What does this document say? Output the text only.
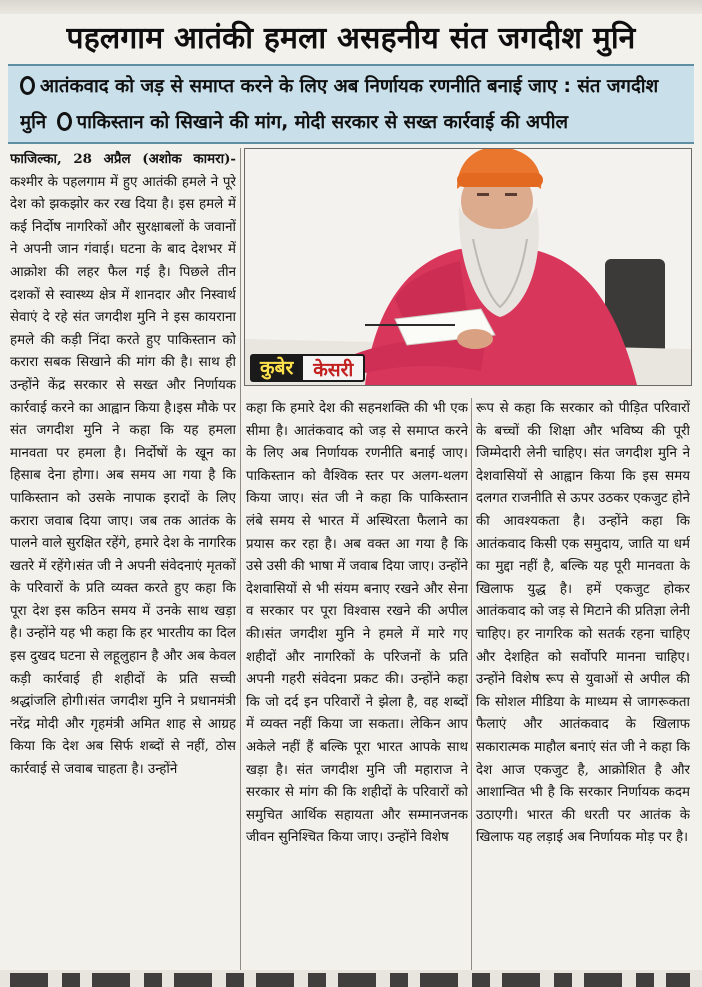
पहलगाम आतंकी हमला असहनीय संत जगदीश मुनि
आतंकवाद को जड़ से समाप्त करने के लिए अब निर्णायक रणनीति बनाई जाए : संत जगदीश
मुनि पाकिस्तान को सिखाने की मांग, मोदी सरकार से सख्त कार्रवाई की अपील

फाजिल्का, 28 अप्रैल (अशोक कामरा)- कश्मीर के पहलगाम में हुए आतंकी हमले ने पूरे देश को झकझोर कर रख दिया है। इस हमले में कई निर्दोष नागरिकों और सुरक्षाबलों के जवानों ने अपनी जान गंवाई। घटना के बाद देशभर में आक्रोश की लहर फैल गई है। पिछले तीन दशकों से स्वास्थ्य क्षेत्र में शानदार और निस्वार्थ सेवाएं दे रहे संत जगदीश मुनि ने इस कायराना हमले की कड़ी निंदा करते हुए पाकिस्तान को करारा सबक सिखाने की मांग की है। साथ ही उन्होंने केंद्र सरकार से सख्त और निर्णायक कार्रवाई करने का आह्वान किया है।इस मौके पर संत जगदीश मुनि ने कहा कि यह हमला मानवता पर हमला है। निर्दोषों के खून का हिसाब देना होगा। अब समय आ गया है कि पाकिस्तान को उसके नापाक इरादों के लिए करारा जवाब दिया जाए। जब तक आतंक के पालने वाले सुरक्षित रहेंगे, हमारे देश के नागरिक खतरे में रहेंगे।संत जी ने अपनी संवेदनाएं मृतकों के परिवारों के प्रति व्यक्त करते हुए कहा कि पूरा देश इस कठिन समय में उनके साथ खड़ा है। उन्होंने यह भी कहा कि हर भारतीय का दिल इस दुखद घटना से लहूलुहान है और अब केवल कड़ी कार्रवाई ही शहीदों के प्रति सच्ची श्रद्धांजलि होगी।संत जगदीश मुनि ने प्रधानमंत्री नरेंद्र मोदी और गृहमंत्री अमित शाह से आग्रह किया कि देश अब सिर्फ शब्दों से नहीं, ठोस कार्रवाई से जवाब चाहता है। उन्होंने

कुबेर	केसरी

कहा कि हमारे देश की सहनशक्ति की भी एक सीमा है। आतंकवाद को जड़ से समाप्त करने के लिए अब निर्णायक रणनीति बनाई जाए। पाकिस्तान को वैश्विक स्तर पर अलग-थलग किया जाए। संत जी ने कहा कि पाकिस्तान लंबे समय से भारत में अस्थिरता फैलाने का प्रयास कर रहा है। अब वक्त आ गया है कि उसे उसी की भाषा में जवाब दिया जाए। उन्होंने देशवासियों से भी संयम बनाए रखने और सेना व सरकार पर पूरा विश्वास रखने की अपील की।संत जगदीश मुनि ने हमले में मारे गए शहीदों और नागरिकों के परिजनों के प्रति अपनी गहरी संवेदना प्रकट की। उन्होंने कहा कि जो दर्द इन परिवारों ने झेला है, वह शब्दों में व्यक्त नहीं किया जा सकता। लेकिन आप अकेले नहीं हैं बल्कि पूरा भारत आपके साथ खड़ा है। संत जगदीश मुनि जी महाराज ने सरकार से मांग की कि शहीदों के परिवारों को समुचित आर्थिक सहायता और सम्मानजनक जीवन सुनिश्चित किया जाए। उन्होंने विशेष

रूप से कहा कि सरकार को पीड़ित परिवारों के बच्चों की शिक्षा और भविष्य की पूरी जिम्मेदारी लेनी चाहिए। संत जगदीश मुनि ने देशवासियों से आह्वान किया कि इस समय दलगत राजनीति से ऊपर उठकर एकजुट होने की आवश्यकता है। उन्होंने कहा कि आतंकवाद किसी एक समुदाय, जाति या धर्म का मुद्दा नहीं है, बल्कि यह पूरी मानवता के खिलाफ युद्ध है। हमें एकजुट होकर आतंकवाद को जड़ से मिटाने की प्रतिज्ञा लेनी चाहिए। हर नागरिक को सतर्क रहना चाहिए और देशहित को सर्वोपरि मानना चाहिए। उन्होंने विशेष रूप से युवाओं से अपील की कि सोशल मीडिया के माध्यम से जागरूकता फैलाएं और आतंकवाद के खिलाफ सकारात्मक माहौल बनाएं संत जी ने कहा कि देश आज एकजुट है, आक्रोशित है और आशान्वित भी है कि सरकार निर्णायक कदम उठाएगी। भारत की धरती पर आतंक के खिलाफ यह लड़ाई अब निर्णायक मोड़ पर है।
